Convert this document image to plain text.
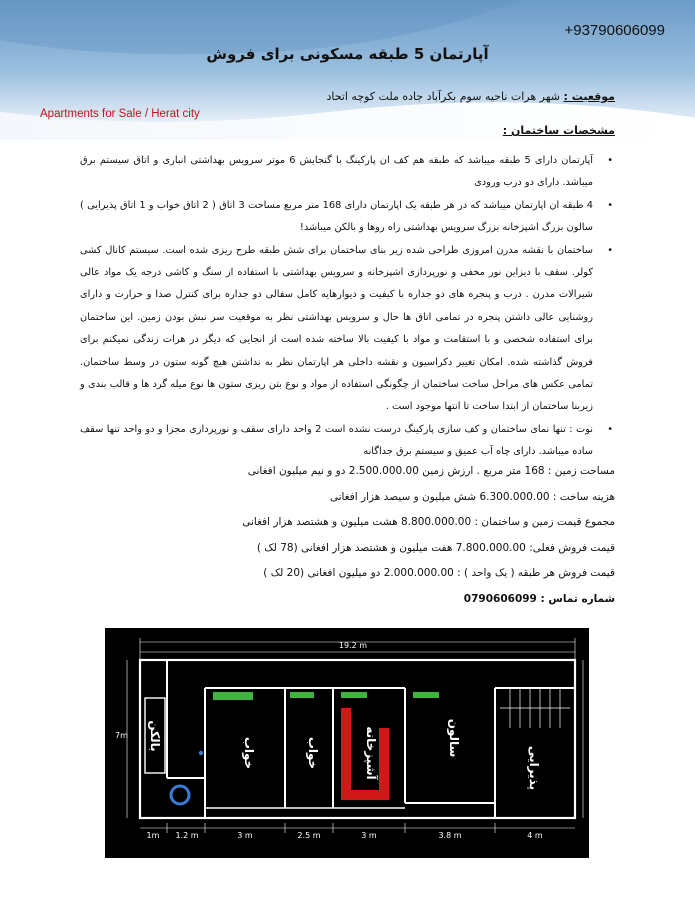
+93790606099
آپارتمان 5 طبقه مسکونی برای فروش
موقعیت : شهر هرات ناحیه سوم بکرآباد جاده ملت کوچه اتحاد
Apartments for Sale / Herat city
مشخصات ساختمان :
•
آپارتمان دارای 5 طبقه میباشد که طبقه هم کف ان پارکینگ با گنجایش 6 موتر سرویس بهداشتی انباری و اتاق سیستم برق میباشد. دارای دو درب ورودی
•
4 طبقه ان اپارتمان میباشد که در هر طبقه یک اپارتمان دارای 168 متر مربع مساحت 3 اتاق ( 2 اتاق خواب و 1 اتاق پذیرایی ) سالون بزرگ اشپزخانه بزرگ سرویس بهداشتی راه روها و بالکن میباشد!
•
ساختمان با نقشه مدرن امروزی طراحی شده زیر بنای ساختمان برای شش طبقه طرح ریزی شده است. سیستم کانال کشی کولر. سقف با دیزاین نور مخفی و نورپردازی اشپزخانه و سرویس بهداشتی با استفاده از سنگ و کاشی درجه یک مواد عالی شیرالات مدرن . درب و پنجره های دو جداره با کیفیت و دیوارهایه کامل سفالی دو جداره برای کنترل صدا و حرارت و دارای روشنایی عالی داشتن پنجره در تمامی اتاق ها حال و سرویس بهداشتی نظر به موقعیت سر نبش بودن زمین. این ساختمان برای استفاده شخصی و با استقامت و مواد با کیفیت بالا ساخته شده است از انجایی که دیگر در هرات زندگی نمیکنم برای فروش گذاشته شده. امکان تغییر دکراسیون و نقشه داخلی هر اپارتمان نظر به نداشتن هیچ گونه ستون در وسط ساختمان. تمامی عکس های مراحل ساخت ساختمان از چگونگی استفاده از مواد و نوع بتن ریزی ستون ها نوع میله گرد ها و قالب بندی و زیربنا ساختمان از ابتدا ساخت تا انتها موجود است .
•
نوت : تنها نمای ساختمان و کف سازی پارکینگ درست نشده است 2 واحد دارای سقف و نورپردازی مجزا و دو واحد تنها سقف ساده میباشد. دارای چاه آب عمیق و سیستم برق جداگانه
مساحت زمین : 168 متر مربع . ارزش زمین 2.500.000.00 دو و نیم میلیون افغانی
هزینه ساخت : 6.300.000.00 شش میلیون و سیصد هزار افغانی
مجموع قیمت زمین و ساختمان : 8.800.000.00 هشت میلیون و هشتصد هزار افغانی
قیمت فروش فعلی: 7.800.000.00 هفت میلیون و هشتصد هزار افغانی (78 لک )
قیمت فروش هر طبقه ( یک واحد ) : 2.000.000.00 دو میلیون افغانی (20 لک )
شماره تماس : 0790606099
19.2 m
7m
1m 1.2 m	3 m	2.5 m	3 m	3.8 m	4 m
بالکن
خواب	خواب	آشپزخانه	سالون
پذیرایی
